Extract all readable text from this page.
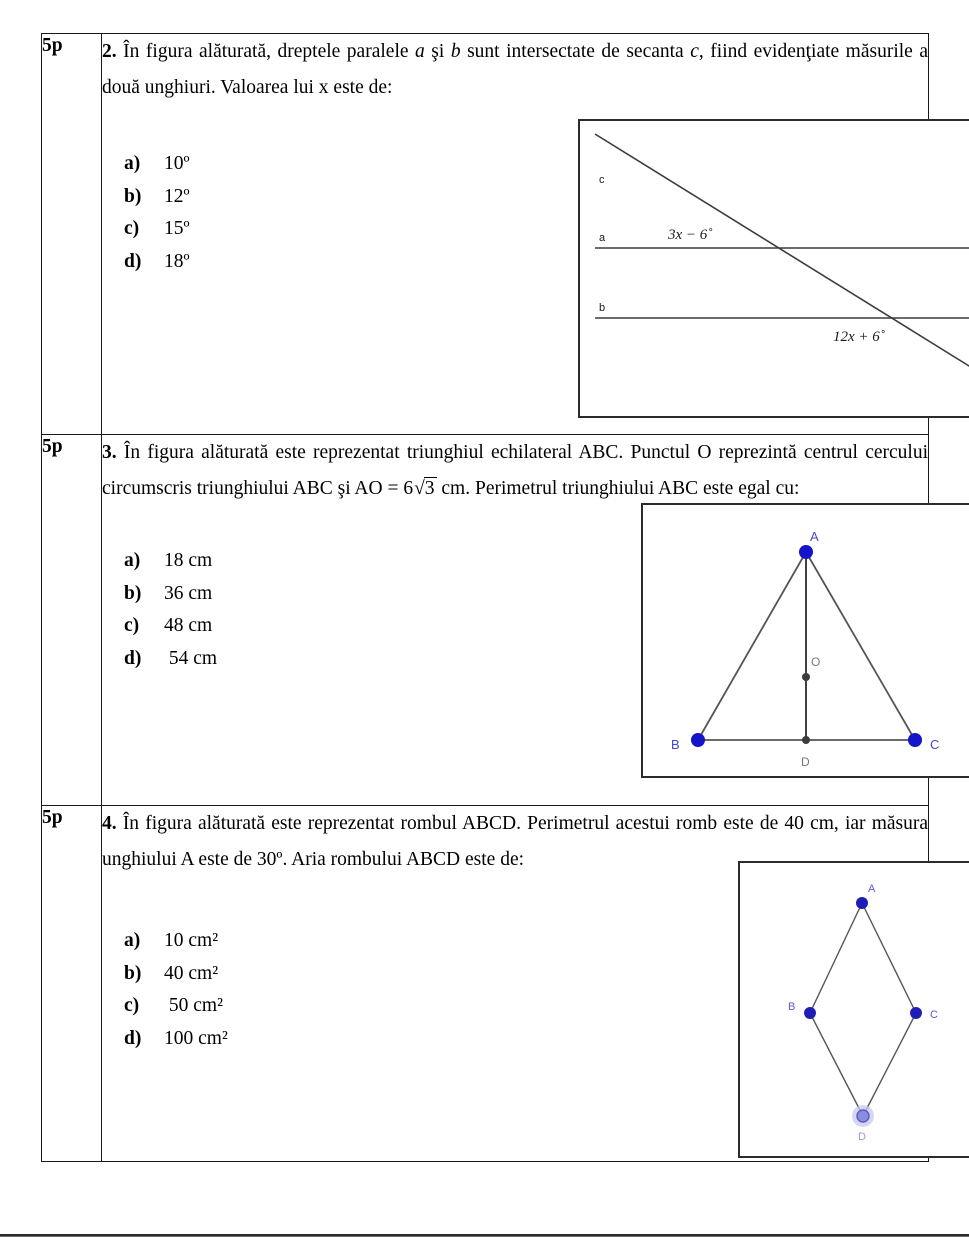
5p	2. În figura alăturată, dreptele paralele a şi b sunt intersectate de secanta c, fiind evidenţiate măsurile a două unghiuri. Valoarea lui x este de:

a)	10º
b)	12º
c)	15º
d)	18º
c
a
b
3x − 6˚
12x + 6˚

5p	3. În figura alăturată este reprezentat triunghiul echilateral ABC. Punctul O reprezintă centrul cercului circumscris triunghiului ABC şi AO = 6√3 cm. Perimetrul triunghiului ABC este egal cu:

a)	18 cm
b)	36 cm
c)	48 cm
d)	54 cm
A
B	C
O
D

5p	4. În figura alăturată este reprezentat rombul ABCD. Perimetrul acestui romb este de 40 cm, iar măsura unghiului A este de 30º. Aria rombului ABCD este de:

a)	10 cm²
b)	40 cm²
c)	50 cm²
d)	100 cm²
A
B
C
D
